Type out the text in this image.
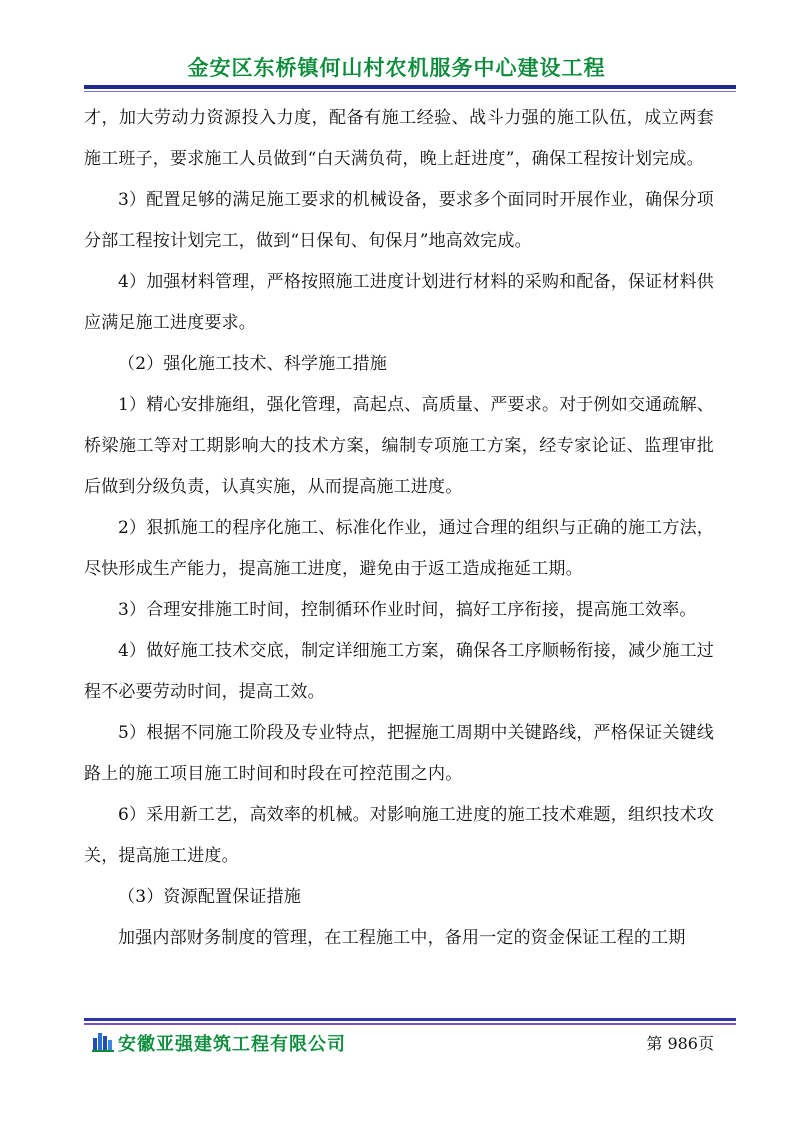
金安区东桥镇何山村农机服务中心建设工程

才，加大劳动力资源投入力度，配备有施工经验、战斗力强的施工队伍，成立两套施工班子，要求施工人员做到“白天满负荷，晚上赶进度”，确保工程按计划完成。

3）配置足够的满足施工要求的机械设备，要求多个面同时开展作业，确保分项分部工程按计划完工，做到“日保旬、旬保月”地高效完成。

4）加强材料管理，严格按照施工进度计划进行材料的采购和配备，保证材料供应满足施工进度要求。

（2）强化施工技术、科学施工措施

1）精心安排施组，强化管理，高起点、高质量、严要求。对于例如交通疏解、桥梁施工等对工期影响大的技术方案，编制专项施工方案，经专家论证、监理审批后做到分级负责，认真实施，从而提高施工进度。

2）狠抓施工的程序化施工、标准化作业，通过合理的组织与正确的施工方法，尽快形成生产能力，提高施工进度，避免由于返工造成拖延工期。

3）合理安排施工时间，控制循环作业时间，搞好工序衔接，提高施工效率。

4）做好施工技术交底，制定详细施工方案，确保各工序顺畅衔接，减少施工过程不必要劳动时间，提高工效。

5）根据不同施工阶段及专业特点，把握施工周期中关键路线，严格保证关键线路上的施工项目施工时间和时段在可控范围之内。

6）采用新工艺，高效率的机械。对影响施工进度的施工技术难题，组织技术攻关，提高施工进度。

（3）资源配置保证措施

加强内部财务制度的管理，在工程施工中，备用一定的资金保证工程的工期

安徽亚强建筑工程有限公司	第 986页
